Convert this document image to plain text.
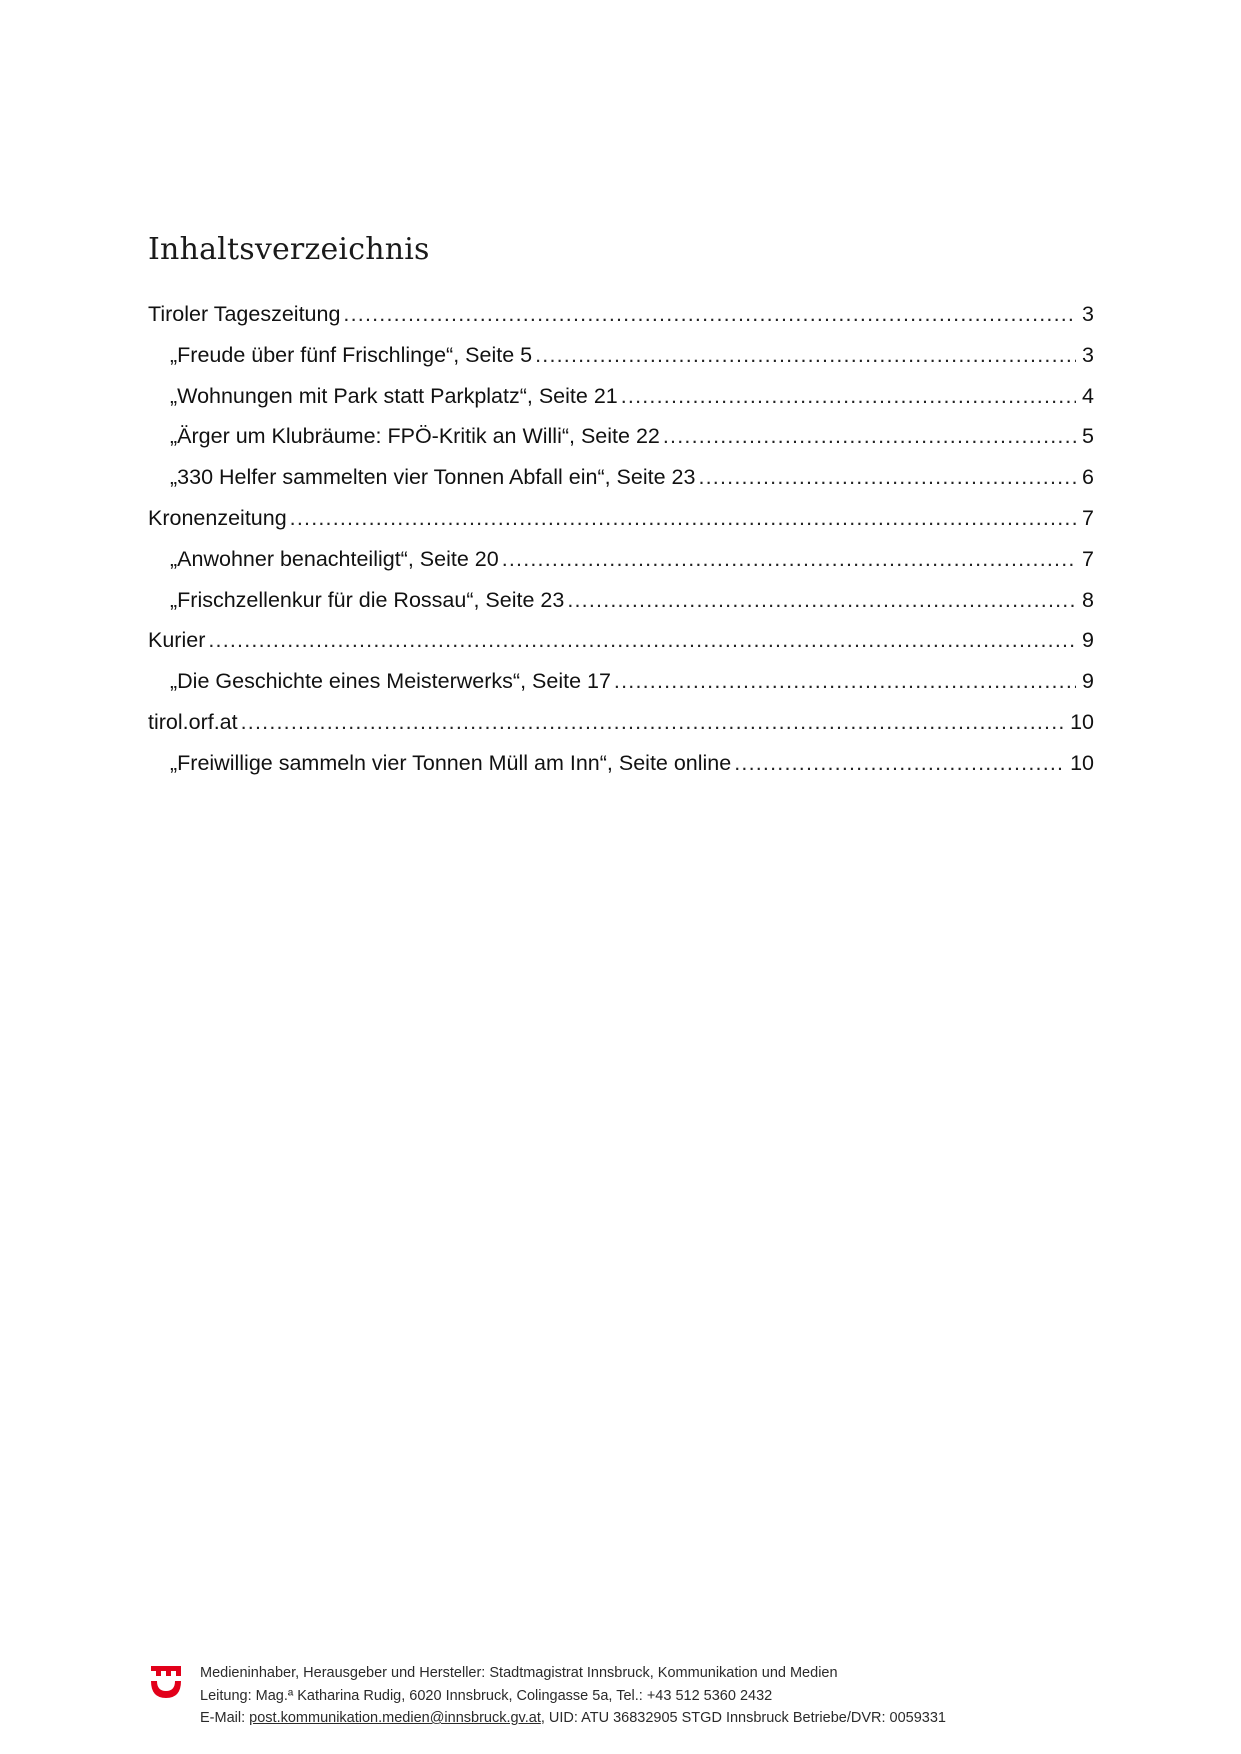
Inhaltsverzeichnis
Tiroler Tageszeitung .....	3
„Freude über fünf Frischlinge“, Seite 5 .....	3
„Wohnungen mit Park statt Parkplatz“, Seite 21 .....	4
„Ärger um Klubräume: FPÖ-Kritik an Willi“, Seite 22 .....	5
„330 Helfer sammelten vier Tonnen Abfall ein“, Seite 23 .....	6
Kronenzeitung .....	7
„Anwohner benachteiligt“, Seite 20 .....	7
„Frischzellenkur für die Rossau“, Seite 23 .....	8
Kurier .....	9
„Die Geschichte eines Meisterwerks“, Seite 17 .....	9
tirol.orf.at .....	10
„Freiwillige sammeln vier Tonnen Müll am Inn“, Seite online .....	10
Medieninhaber, Herausgeber und Hersteller: Stadtmagistrat Innsbruck, Kommunikation und Medien
Leitung: Mag.ª Katharina Rudig, 6020 Innsbruck, Colingasse 5a, Tel.: +43 512 5360 2432
E-Mail: post.kommunikation.medien@innsbruck.gv.at, UID: ATU 36832905 STGD Innsbruck Betriebe/DVR: 0059331
